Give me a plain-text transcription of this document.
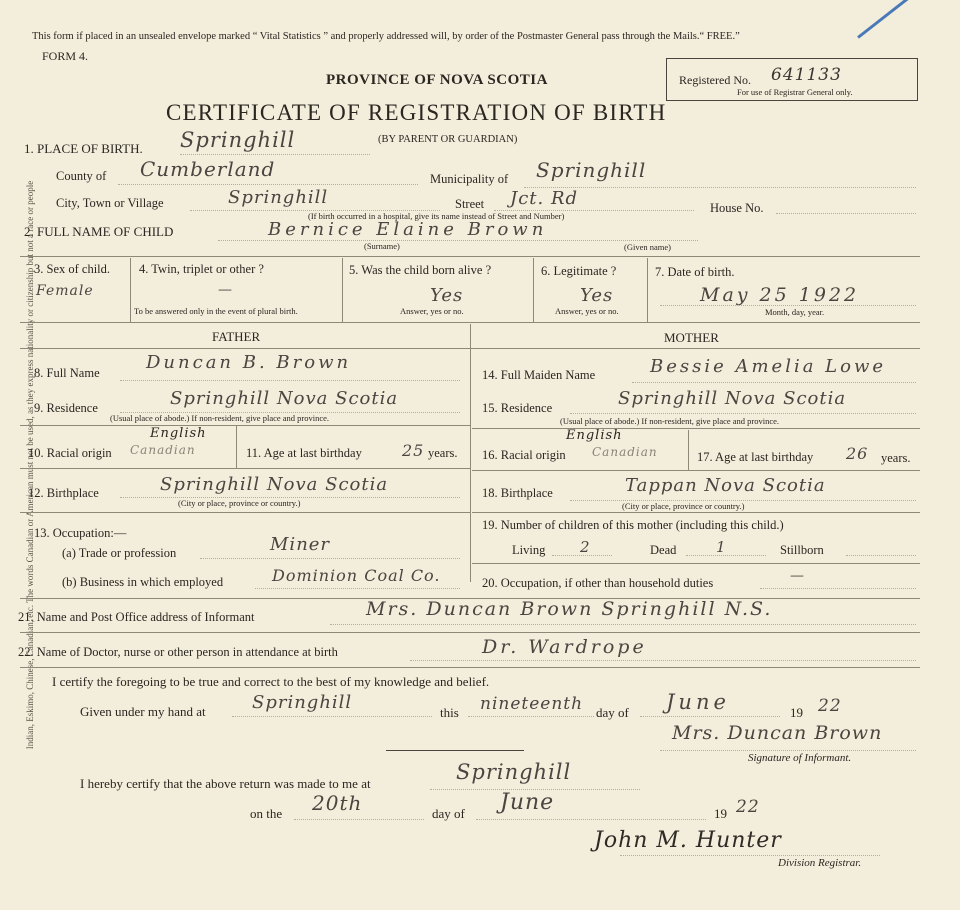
Indian, Eskimo, Chinese, Canadian, etc. The words Canadian or American must not be used, as they express nationality or citizenship but not a race or people
This form if placed in an unsealed envelope marked “ Vital Statistics ” and properly addressed will, by order of the Postmaster General pass through the Mails.“ FREE.”
FORM 4.
PROVINCE OF NOVA SCOTIA
CERTIFICATE OF REGISTRATION OF BIRTH
Registered No. 641133
For use of Registrar General only.
1. PLACE OF BIRTH. Springhill	(BY PARENT OR GUARDIAN)
County of Cumberland	Municipality of Springhill
City, Town or Village	Springhill	Street Jct. Rd	House No.
(If birth occurred in a hospital, give its name instead of Street and Number)
2. FULL NAME OF CHILD	Bernice Elaine Brown
(Surname)	(Given name)
3. Sex of child.
Female
4. Twin, triplet or other ?
—
To be answered only in the event of plural birth.
5. Was the child born alive ?
Yes
Answer, yes or no.
6. Legitimate ?
Yes
Answer, yes or no.
7. Date of birth.
May 25 1922
Month, day, year.
FATHER	MOTHER
8. Full Name	Duncan B. Brown
9. Residence	Springhill Nova Scotia
(Usual place of abode.) If non-resident, give place and province.
10. Racial origin Canadian
English
11. Age at last birthday	25 years.
12. Birthplace	Springhill Nova Scotia
(City or place, province or country.)
13. Occupation:—
(a) Trade or profession	Miner
(b) Business in which employed	Dominion Coal Co.
14. Full Maiden Name	Bessie Amelia Lowe
15. Residence	Springhill Nova Scotia
(Usual place of abode.) If non-resident, give place and province.
16. Racial origin Canadian
English
17. Age at last birthday 26 years.
18. Birthplace	Tappan Nova Scotia
(City or place, province or country.)
19. Number of children of this mother (including this child.)
Living 2	Dead	1	Stillborn
20. Occupation, if other than household duties	—
21. Name and Post Office address of Informant	Mrs. Duncan Brown Springhill N.S.
22. Name of Doctor, nurse or other person in attendance at birth	Dr. Wardrope
I certify the foregoing to be true and correct to the best of my knowledge and belief.
Given under my hand at	Springhill	this nineteenth day of June	19 22
Mrs. Duncan Brown
Signature of Informant.
I hereby certify that the above return was made to me at	Springhill
on the 20th	day of June	19 22
John M. Hunter
Division Registrar.
